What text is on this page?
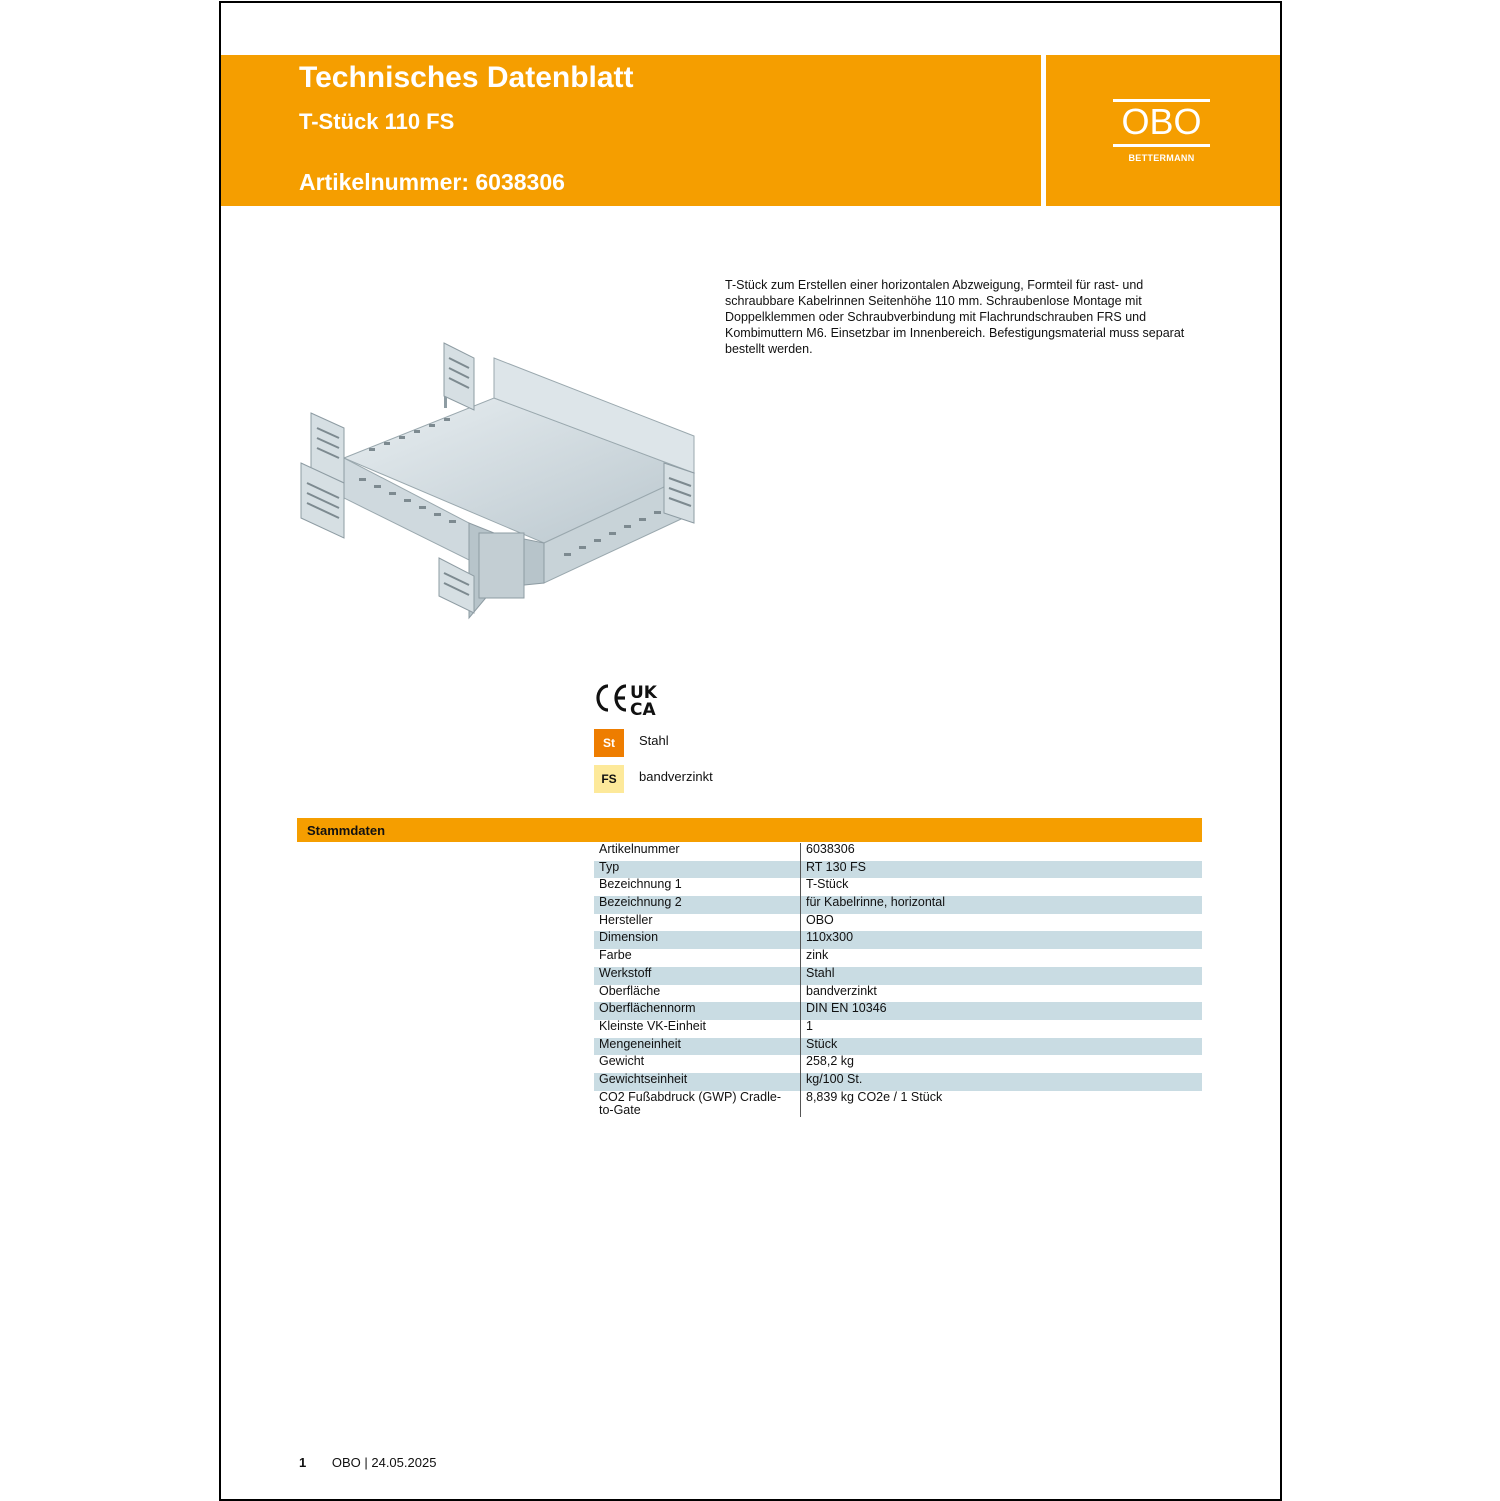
Technisches Datenblatt
T-Stück 110 FS
Artikelnummer: 6038306
OBO
BETTERMANN
T-Stück zum Erstellen einer horizontalen Abzweigung, Formteil für rast- und schraubbare Kabelrinnen Seitenhöhe 110 mm. Schraubenlose Montage mit Doppelklemmen oder Schraubverbindung mit Flachrundschrauben FRS und Kombimuttern M6. Einsetzbar im Innenbereich. Befestigungsmaterial muss separat bestellt werden.
UK
CA
St	Stahl
FS	bandverzinkt
Stammdaten
Artikelnummer	6038306
Typ	RT 130 FS
Bezeichnung 1	T-Stück
Bezeichnung 2	für Kabelrinne, horizontal
Hersteller	OBO
Dimension	110x300
Farbe	zink
Werkstoff	Stahl
Oberfläche	bandverzinkt
Oberflächennorm	DIN EN 10346
Kleinste VK-Einheit	1
Mengeneinheit	Stück
Gewicht	258,2 kg
Gewichtseinheit	kg/100 St.
CO2 Fußabdruck (GWP) Cradle-to-Gate	8,839 kg CO2e / 1 Stück
1 OBO | 24.05.2025
